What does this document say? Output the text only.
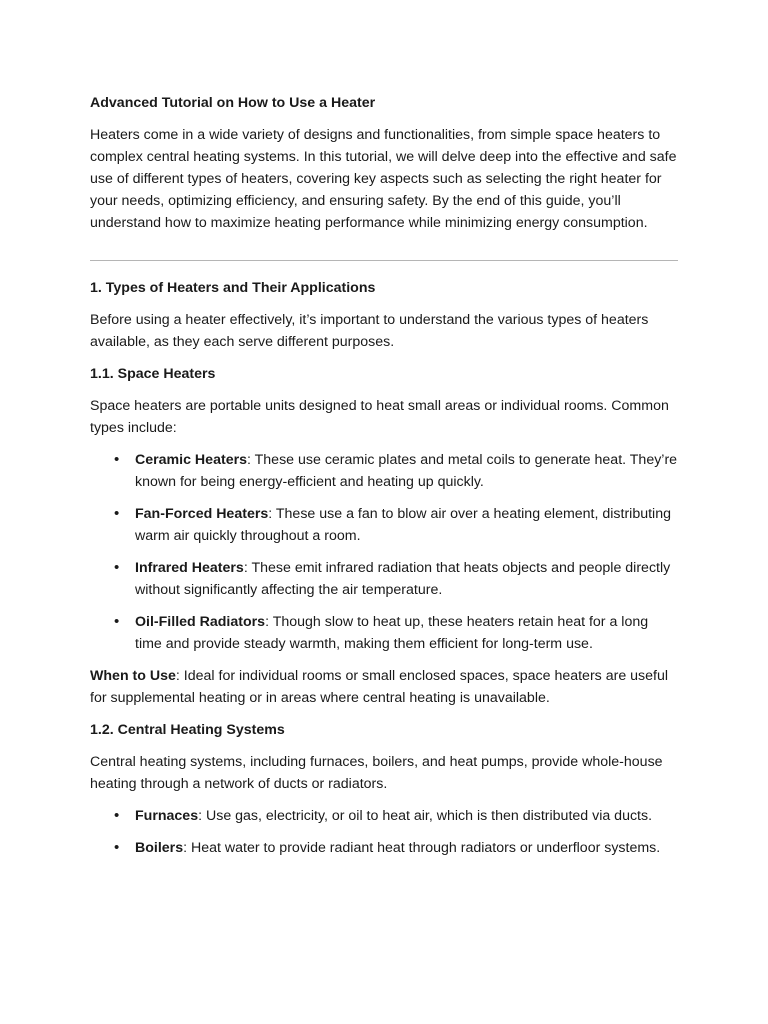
Advanced Tutorial on How to Use a Heater

Heaters come in a wide variety of designs and functionalities, from simple space heaters to complex central heating systems. In this tutorial, we will delve deep into the effective and safe use of different types of heaters, covering key aspects such as selecting the right heater for your needs, optimizing efficiency, and ensuring safety. By the end of this guide, you’ll understand how to maximize heating performance while minimizing energy consumption.

1. Types of Heaters and Their Applications

Before using a heater effectively, it’s important to understand the various types of heaters available, as they each serve different purposes.

1.1. Space Heaters

Space heaters are portable units designed to heat small areas or individual rooms. Common types include:

• Ceramic Heaters: These use ceramic plates and metal coils to generate heat. They’re known for being energy-efficient and heating up quickly.
• Fan-Forced Heaters: These use a fan to blow air over a heating element, distributing warm air quickly throughout a room.
• Infrared Heaters: These emit infrared radiation that heats objects and people directly without significantly affecting the air temperature.
• Oil-Filled Radiators: Though slow to heat up, these heaters retain heat for a long time and provide steady warmth, making them efficient for long-term use.

When to Use: Ideal for individual rooms or small enclosed spaces, space heaters are useful for supplemental heating or in areas where central heating is unavailable.

1.2. Central Heating Systems

Central heating systems, including furnaces, boilers, and heat pumps, provide whole-house heating through a network of ducts or radiators.

• Furnaces: Use gas, electricity, or oil to heat air, which is then distributed via ducts.
• Boilers: Heat water to provide radiant heat through radiators or underfloor systems.
